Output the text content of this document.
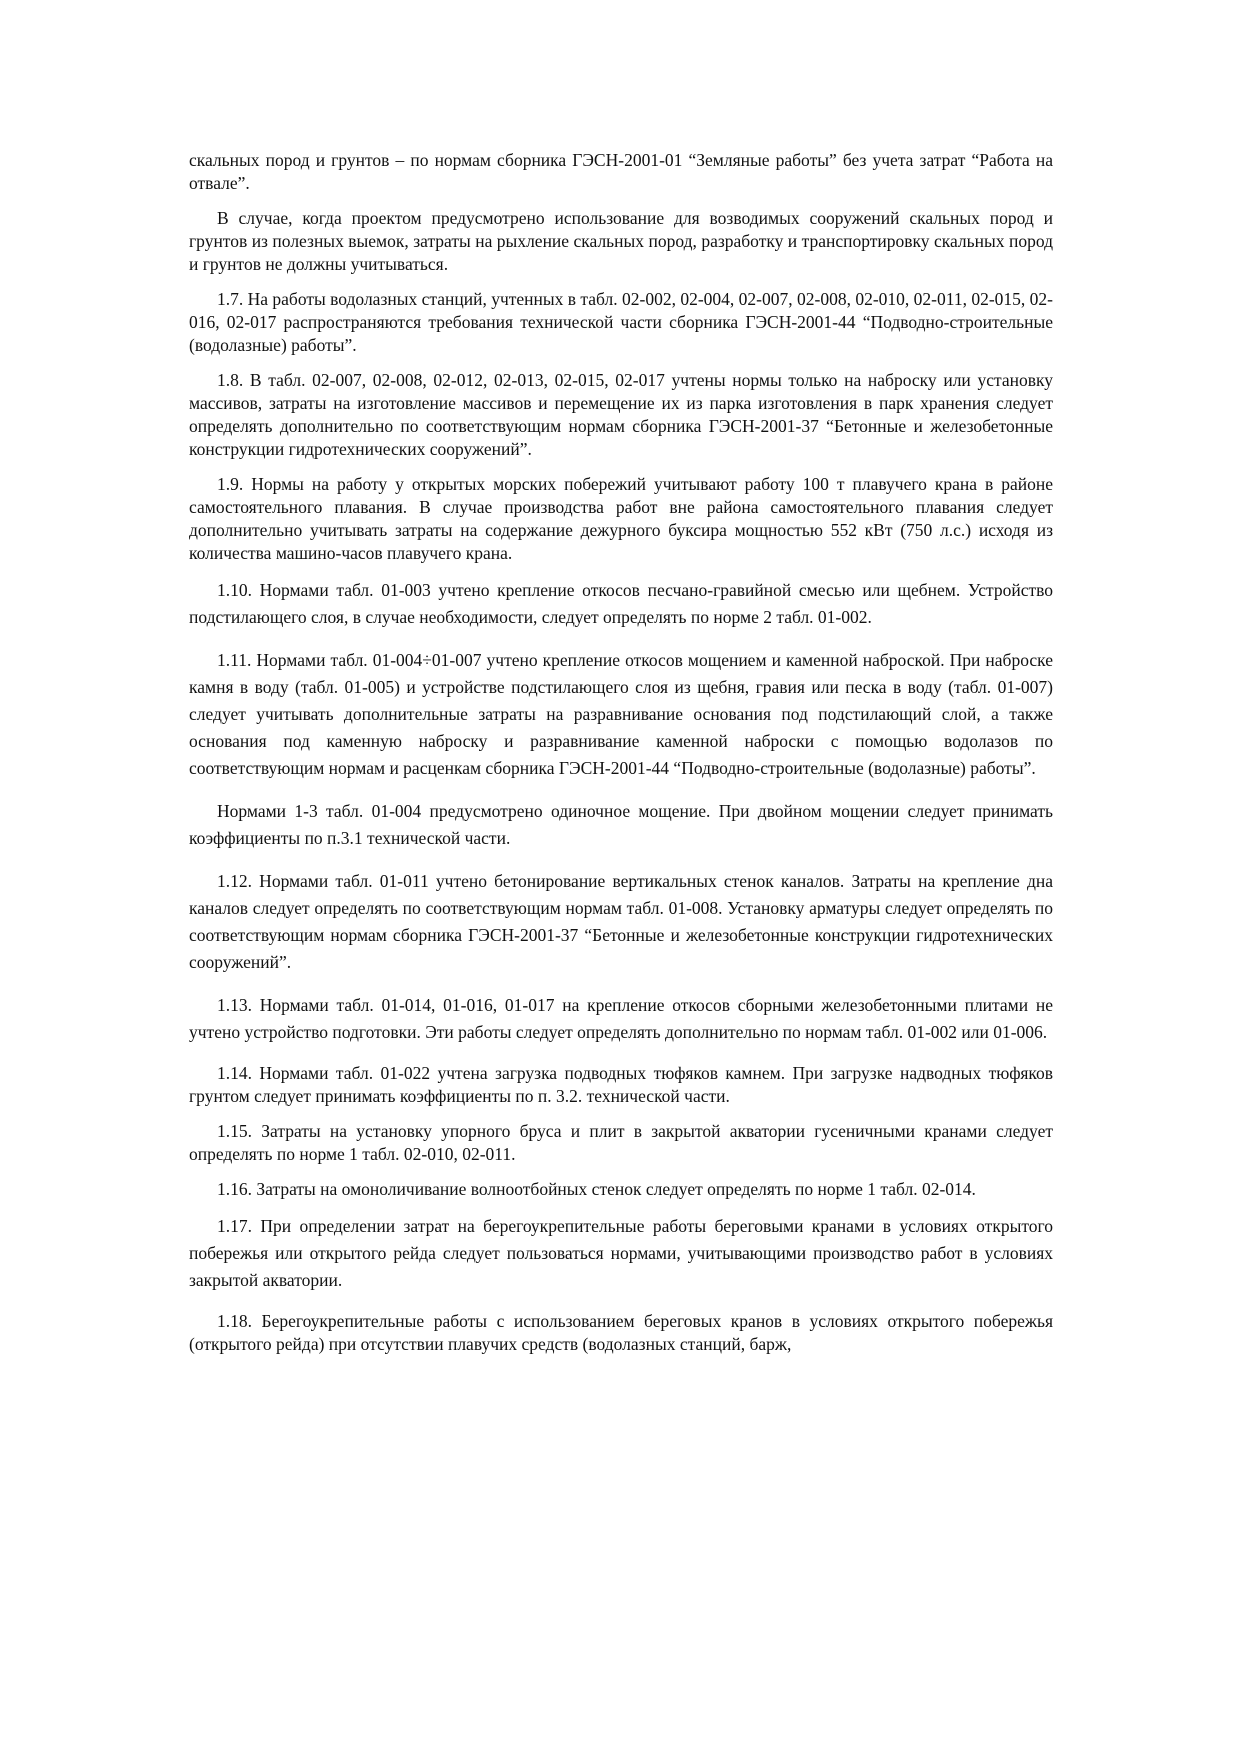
скальных пород и грунтов – по нормам сборника ГЭСН-2001-01 “Земляные работы” без учета затрат “Работа на отвале”.

В случае, когда проектом предусмотрено использование для возводимых сооружений скальных пород и грунтов из полезных выемок, затраты на рыхление скальных пород, разработку и транспортировку скальных пород и грунтов не должны учитываться.

1.7. На работы водолазных станций, учтенных в табл. 02-002, 02-004, 02-007, 02-008, 02-010, 02-011, 02-015, 02-016, 02-017 распространяются требования технической части сборника ГЭСН-2001-44 “Подводно-строительные (водолазные) работы”.

1.8. В табл. 02-007, 02-008, 02-012, 02-013, 02-015, 02-017 учтены нормы только на наброску или установку массивов, затраты на изготовление массивов и перемещение их из парка изготовления в парк хранения следует определять дополнительно по соответствующим нормам сборника ГЭСН-2001-37 “Бетонные и железобетонные конструкции гидротехнических сооружений”.

1.9. Нормы на работу у открытых морских побережий учитывают работу 100 т плавучего крана в районе самостоятельного плавания. В случае производства работ вне района самостоятельного плавания следует дополнительно учитывать затраты на содержание дежурного буксира мощностью 552 кВт (750 л.с.) исходя из количества машино-часов плавучего крана.

1.10. Нормами табл. 01-003 учтено крепление откосов песчано-гравийной смесью или щебнем. Устройство подстилающего слоя, в случае необходимости, следует определять по норме 2 табл. 01-002.

1.11. Нормами табл. 01-004÷01-007 учтено крепление откосов мощением и каменной наброской. При наброске камня в воду (табл. 01-005) и устройстве подстилающего слоя из щебня, гравия или песка в воду (табл. 01-007) следует учитывать дополнительные затраты на разравнивание основания под подстилающий слой, а также основания под каменную наброску и разравнивание каменной наброски с помощью водолазов по соответствующим нормам и расценкам сборника ГЭСН-2001-44 “Подводно-строительные (водолазные) работы”.

Нормами 1-3 табл. 01-004 предусмотрено одиночное мощение. При двойном мощении следует принимать коэффициенты по п.3.1 технической части.

1.12. Нормами табл. 01-011 учтено бетонирование вертикальных стенок каналов. Затраты на крепление дна каналов следует определять по соответствующим нормам табл. 01-008. Установку арматуры следует определять по соответствующим нормам сборника ГЭСН-2001-37 “Бетонные и железобетонные конструкции гидротехнических сооружений”.

1.13. Нормами табл. 01-014, 01-016, 01-017 на крепление откосов сборными железобетонными плитами не учтено устройство подготовки. Эти работы следует определять дополнительно по нормам табл. 01-002 или 01-006.

1.14. Нормами табл. 01-022 учтена загрузка подводных тюфяков камнем. При загрузке надводных тюфяков грунтом следует принимать коэффициенты по п. 3.2. технической части.

1.15. Затраты на установку упорного бруса и плит в закрытой акватории гусеничными кранами следует определять по норме 1 табл. 02-010, 02-011.

1.16. Затраты на омоноличивание волноотбойных стенок следует определять по норме 1 табл. 02-014.

1.17. При определении затрат на берегоукрепительные работы береговыми кранами в условиях открытого побережья или открытого рейда следует пользоваться нормами, учитывающими производство работ в условиях закрытой акватории.

1.18. Берегоукрепительные работы с использованием береговых кранов в условиях открытого побережья (открытого рейда) при отсутствии плавучих средств (водолазных станций, барж,
